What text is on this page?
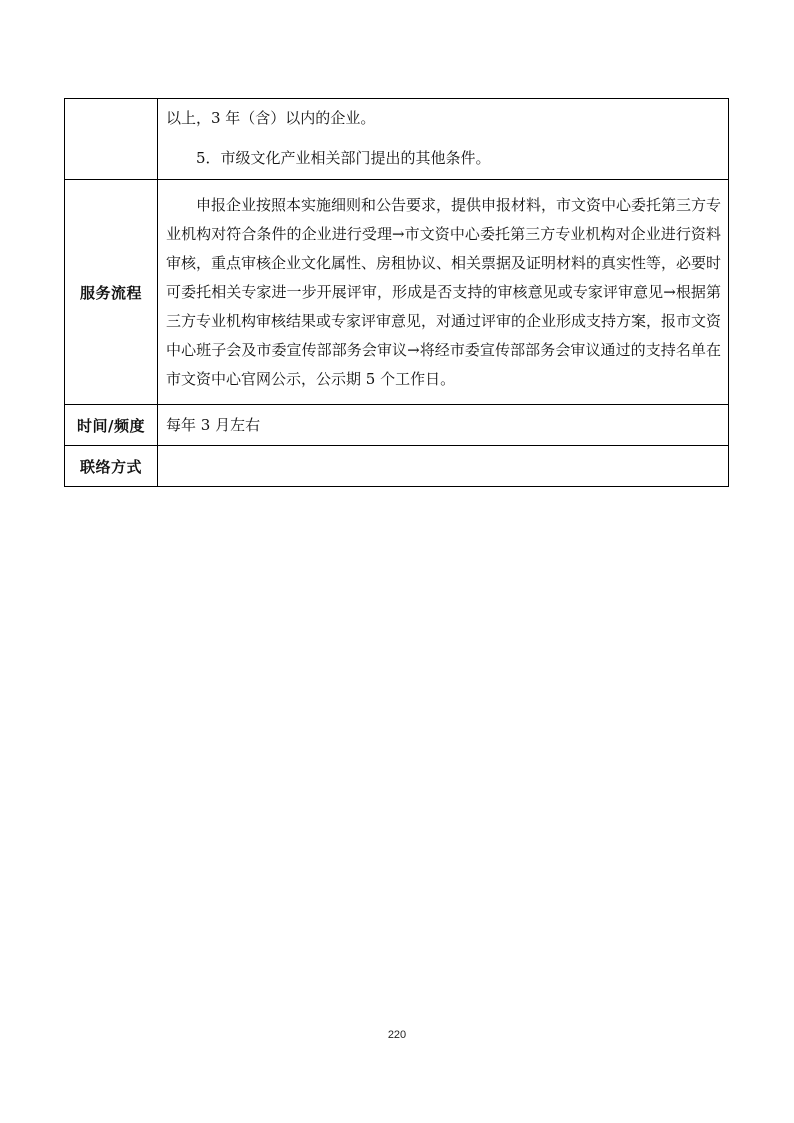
	以上，3 年（含）以内的企业。

5．市级文化产业相关部门提出的其他条件。

服务流程	申报企业按照本实施细则和公告要求，提供申报材料，市文资中心委托第三方专业机构对符合条件的企业进行受理→市文资中心委托第三方专业机构对企业进行资料审核，重点审核企业文化属性、房租协议、相关票据及证明材料的真实性等，必要时可委托相关专家进一步开展评审，形成是否支持的审核意见或专家评审意见→根据第三方专业机构审核结果或专家评审意见，对通过评审的企业形成支持方案，报市文资中心班子会及市委宣传部部务会审议→将经市委宣传部部务会审议通过的支持名单在市文资中心官网公示，公示期 5 个工作日。

时间/频度	每年 3 月左右
联络方式	
220
